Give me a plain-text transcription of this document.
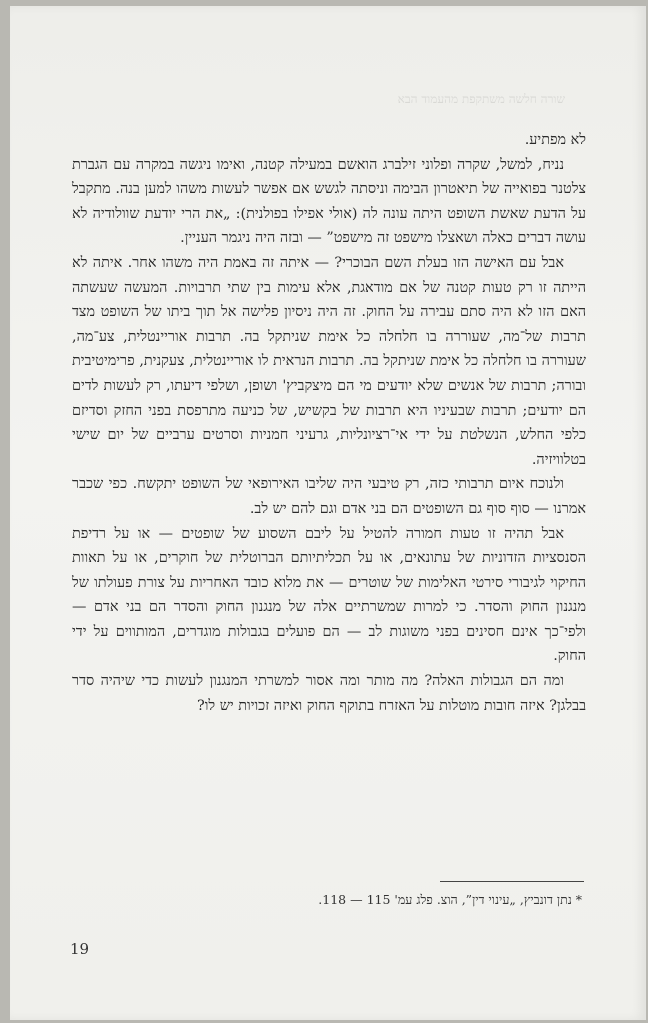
שורה חלשה משתקפת מהעמוד הבא

לא מפתיע.

נניח, למשל, שקרה ופלוני זילברג הואשם במעילה קטנה, ואימו ניגשה במקרה עם הגברת צלטנר בפואייה של תיאטרון הבימה וניסתה לגשש אם אפשר לעשות משהו למען בנה. מתקבל על הדעת שאשת השופט היתה עונה לה (אולי אפילו בפולנית): „את הרי יודעת שוולודיה לא עושה דברים כאלה ושאצלו מישפט זה מישפט” — ובזה היה ניגמר העניין.

אבל עם האישה הזו בעלת השם הבוכרי? — איתה זה באמת היה משהו אחר. איתה לא הייתה זו רק טעות קטנה של אם מודאגת, אלא עימות בין שתי תרבויות. המעשה שעשתה האם הזו לא היה סתם עבירה על החוק. זה היה ניסיון פלישה אל תוך ביתו של השופט מצד תרבות של־מה, שעוררה בו חלחלה כל אימת שניתקל בה. תרבות אוריינטלית, צע־מה, שעוררה בו חלחלה כל אימת שניתקל בה. תרבות הנראית לו אוריינטלית, צעקנית, פרימיטיבית ובורה; תרבות של אנשים שלא יודעים מי הם מיצקביץ' ושופן, ושלפי דיעתו, רק לעשות לדים הם יודעים; תרבות שבעיניו היא תרבות של בקשיש, של כניעה מתרפסת בפני החזק וסדיזם כלפי החלש, הנשלטת על ידי אי־רציונליות, גרעיני חמניות וסרטים ערביים של יום שישי בטלוויזיה.

ולנוכח איום תרבותי כזה, רק טיבעי היה שליבו האירופאי של השופט יתקשח. כפי שכבר אמרנו — סוף סוף גם השופטים הם בני אדם וגם להם יש לב.

אבל תהיה זו טעות חמורה להטיל על ליבם השסוע של שופטים — או על רדיפת הסנסציות הזדוניות של עתונאים, או על תכליתיותם הברוטלית של חוקרים, או על תאוות החיקוי לגיבורי סירטי האלימות של שוטרים — את מלוא כובד האחריות על צורת פעולתו של מנגנון החוק והסדר. כי למרות שמשרתיים אלה של מנגנון החוק והסדר הם בני אדם — ולפי־כך אינם חסינים בפני משוגות לב — הם פועלים בגבולות מוגדרים, המותווים על ידי החוק.

ומה הם הגבולות האלה? מה מותר ומה אסור למשרתי המנגנון לעשות כדי שיהיה סדר בבלגן? איזה חובות מוטלות על האזרח בתוקף החוק ואיזה זכויות יש לו?

* נתן דונביץ, „עינוי דין”, הוצ. פלג עמ' 115 — 118.
19
